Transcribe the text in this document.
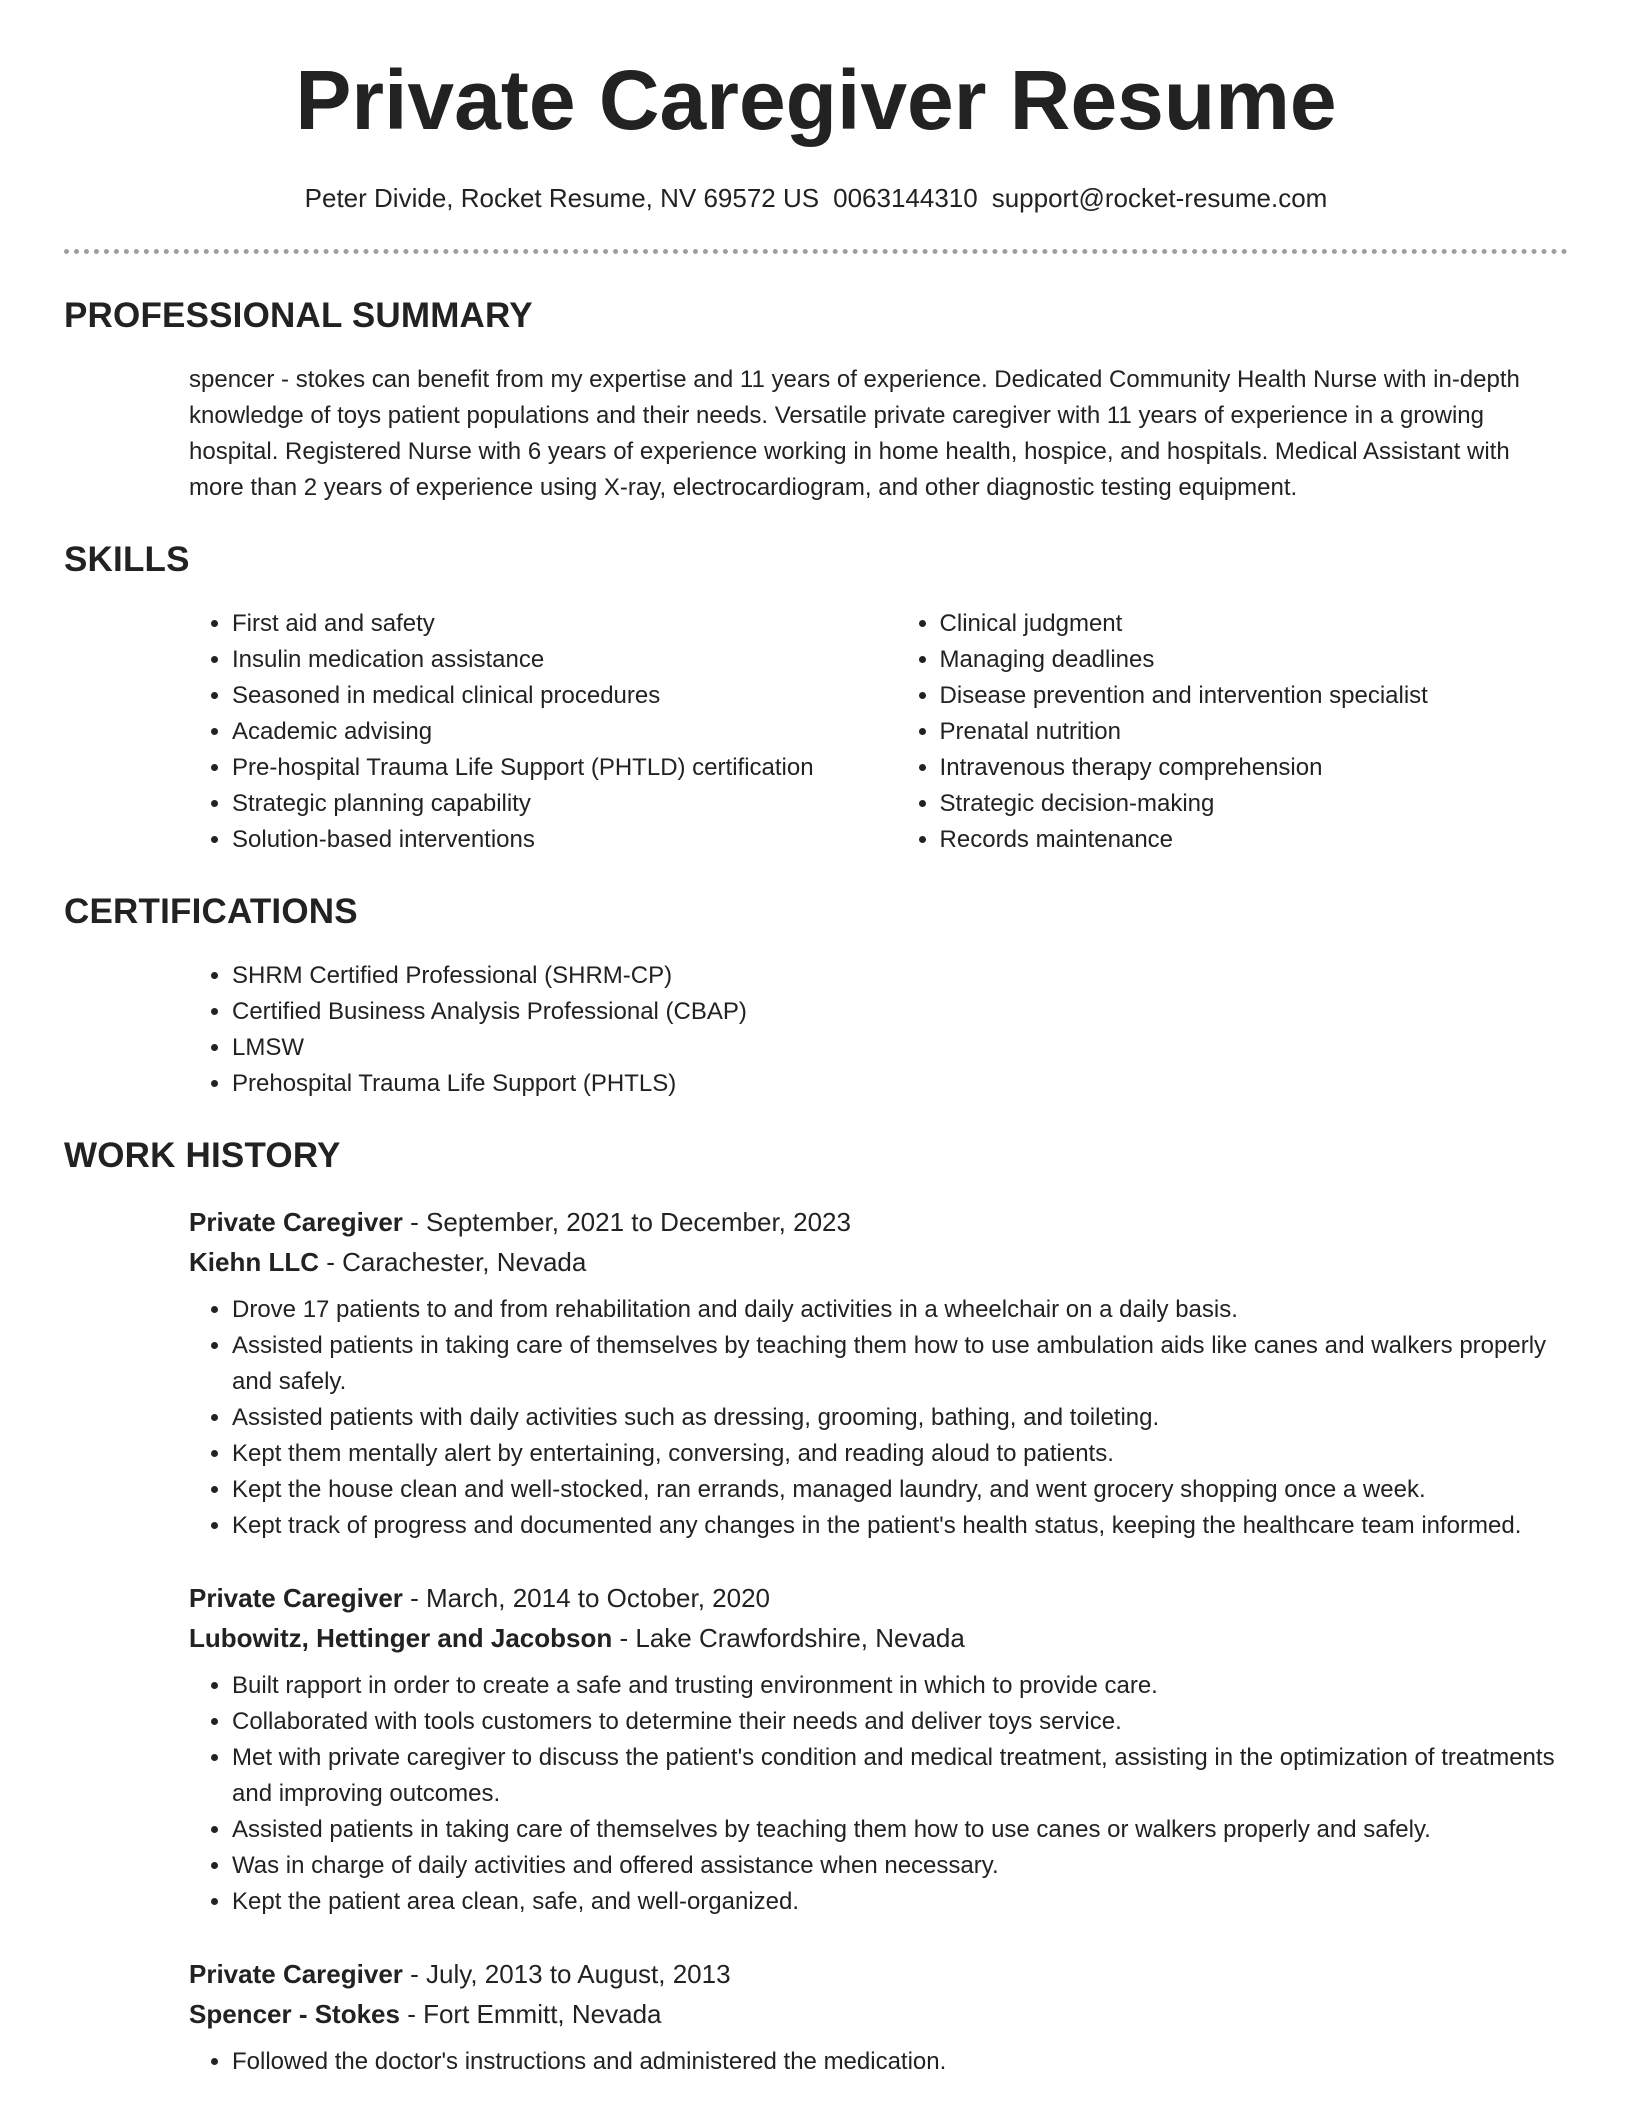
Private Caregiver Resume
Peter Divide, Rocket Resume, NV 69572 US 0063144310 support@rocket-resume.com
PROFESSIONAL SUMMARY
spencer - stokes can benefit from my expertise and 11 years of experience. Dedicated Community Health Nurse with in-depth knowledge of toys patient populations and their needs. Versatile private caregiver with 11 years of experience in a growing hospital. Registered Nurse with 6 years of experience working in home health, hospice, and hospitals. Medical Assistant with more than 2 years of experience using X-ray, electrocardiogram, and other diagnostic testing equipment.
SKILLS
• First aid and safety
• Insulin medication assistance
• Seasoned in medical clinical procedures
• Academic advising
• Pre-hospital Trauma Life Support (PHTLD) certification
• Strategic planning capability
• Solution-based interventions
• Clinical judgment
• Managing deadlines
• Disease prevention and intervention specialist
• Prenatal nutrition
• Intravenous therapy comprehension
• Strategic decision-making
• Records maintenance
CERTIFICATIONS
• SHRM Certified Professional (SHRM-CP)
• Certified Business Analysis Professional (CBAP)
• LMSW
• Prehospital Trauma Life Support (PHTLS)
WORK HISTORY
Private Caregiver - September, 2021 to December, 2023
Kiehn LLC - Carachester, Nevada
• Drove 17 patients to and from rehabilitation and daily activities in a wheelchair on a daily basis.
• Assisted patients in taking care of themselves by teaching them how to use ambulation aids like canes and walkers properly and safely.
• Assisted patients with daily activities such as dressing, grooming, bathing, and toileting.
• Kept them mentally alert by entertaining, conversing, and reading aloud to patients.
• Kept the house clean and well-stocked, ran errands, managed laundry, and went grocery shopping once a week.
• Kept track of progress and documented any changes in the patient's health status, keeping the healthcare team informed.
Private Caregiver - March, 2014 to October, 2020
Lubowitz, Hettinger and Jacobson - Lake Crawfordshire, Nevada
• Built rapport in order to create a safe and trusting environment in which to provide care.
• Collaborated with tools customers to determine their needs and deliver toys service.
• Met with private caregiver to discuss the patient's condition and medical treatment, assisting in the optimization of treatments and improving outcomes.
• Assisted patients in taking care of themselves by teaching them how to use canes or walkers properly and safely.
• Was in charge of daily activities and offered assistance when necessary.
• Kept the patient area clean, safe, and well-organized.
Private Caregiver - July, 2013 to August, 2013
Spencer - Stokes - Fort Emmitt, Nevada
• Followed the doctor's instructions and administered the medication.
